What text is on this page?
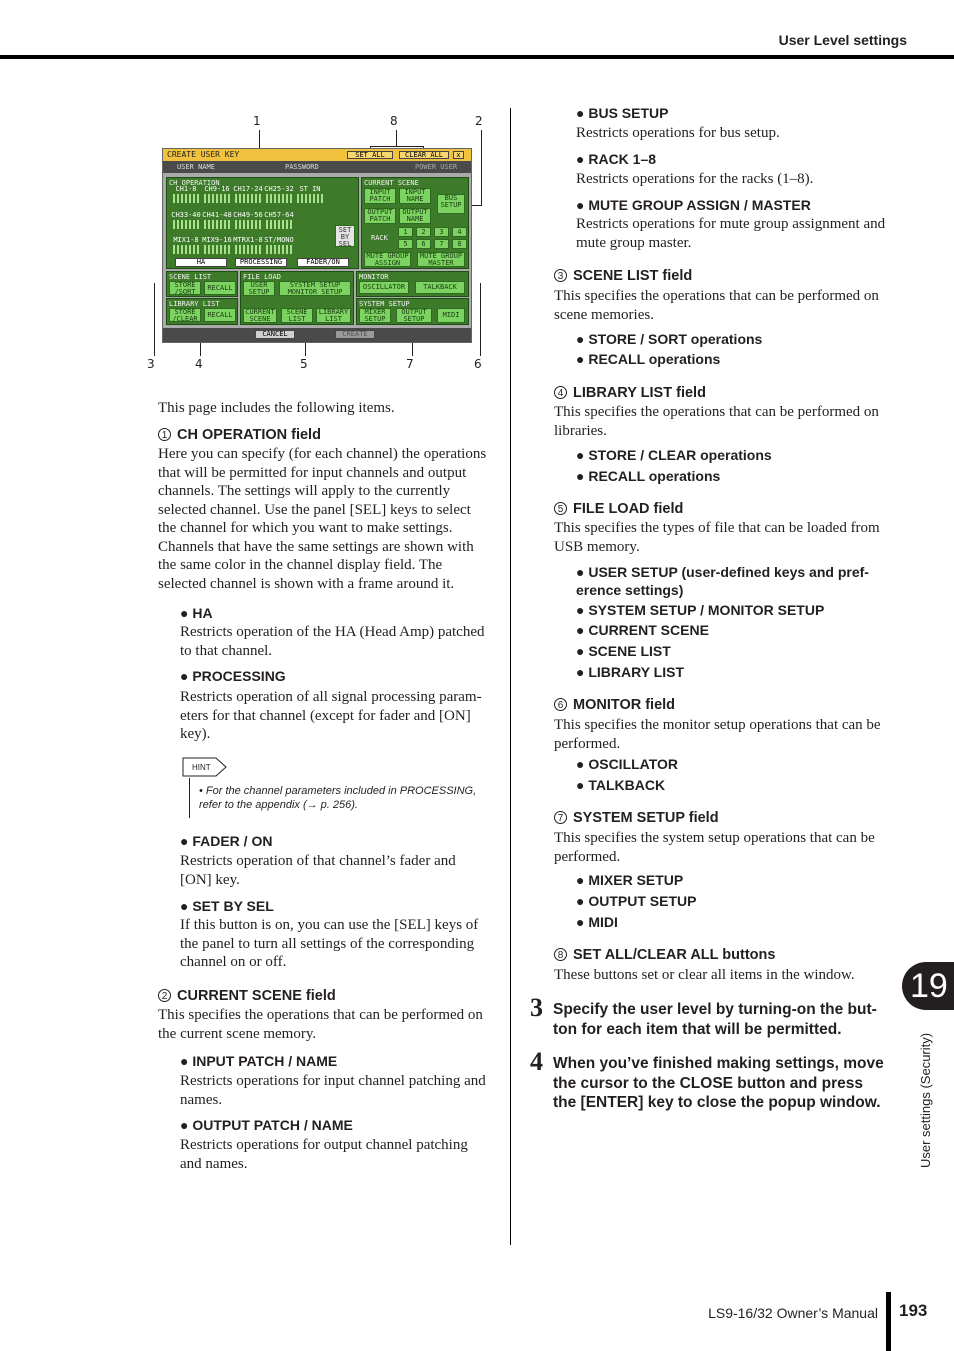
User Level settings
19
User settings (Security)
LS9-16/32 Owner’s Manual 193
1	8	2
3	4	5	7	6
CREATE USER KEY	SET ALL	CLEAR ALL	x
USER NAME	PASSWORD	POWER USER
CH OPERATION
SET
BY
SEL
HA	PROCESSING	FADER/ON
CURRENT SCENE
INPUT
PATCH
INPUT
NAME	BUS
SETUP
OUTPUT
PATCH
OUTPUT
NAME
RACK
MUTE GROUP
ASSIGN
MUTE GROUP
MASTER
SCENE LIST
STORE
/SORT	RECALL
LIBRARY LIST
STORE
/CLEAR	RECALL
FILE LOAD
USER
SETUP
SYSTEM SETUP
MONITOR SETUP
CURRENT
SCENE
SCENE
LIST
LIBRARY
LIST
MONITOR
OSCILLATOR	TALKBACK
SYSTEM SETUP
MIXER
SETUP
OUTPUT
SETUP	MIDI
CANCEL	CREATE
CH1-8	CH9-16 CH17-24 CH25-32 ST IN
CH33-40 CH41-48 CH49-56 CH57-64
MIX1-8 MIX9-16 MTRX1-8 ST/MONO
1	2	3	4
5	6	7	8
This page includes the following items.
1 CH OPERATION field
Here you can specify (for each channel) the operations that will be permitted for input channels and output channels. The settings will apply to the currently selected channel. Use the panel [SEL] keys to select the channel for which you want to make settings. Channels that have the same settings are shown with the same color in the channel display field. The selected channel is shown with a frame around it.
● HA
Restricts operation of the HA (Head Amp) patched to that channel.
● PROCESSING
Restricts operation of all signal processing param-eters for that channel (except for fader and [ON] key).
HINT
• For the channel parameters included in PROCESSING, refer to the appendix (→ p. 256).
● FADER / ON
Restricts operation of that channel’s fader and [ON] key.
● SET BY SEL
If this button is on, you can use the [SEL] keys of the panel to turn all settings of the corresponding channel on or off.
2 CURRENT SCENE field
This specifies the operations that can be performed on the current scene memory.
● INPUT PATCH / NAME
Restricts operations for input channel patching and names.
● OUTPUT PATCH / NAME
Restricts operations for output channel patching and names.
● BUS SETUP
Restricts operations for bus setup.
● RACK 1–8
Restricts operations for the racks (1–8).
● MUTE GROUP ASSIGN / MASTER
Restricts operations for mute group assignment and mute group master.
3 SCENE LIST field
This specifies the operations that can be performed on scene memories.
● STORE / SORT operations
● RECALL operations
4 LIBRARY LIST field
This specifies the operations that can be performed on libraries.
● STORE / CLEAR operations
● RECALL operations
5 FILE LOAD field
This specifies the types of file that can be loaded from USB memory.
● USER SETUP (user-defined keys and pref-erence settings)
● SYSTEM SETUP / MONITOR SETUP
● CURRENT SCENE
● SCENE LIST
● LIBRARY LIST
6 MONITOR field
This specifies the monitor setup operations that can be performed.
● OSCILLATOR
● TALKBACK
7 SYSTEM SETUP field
This specifies the system setup operations that can be performed.
● MIXER SETUP
● OUTPUT SETUP
● MIDI
8 SET ALL/CLEAR ALL buttons
These buttons set or clear all items in the window.
3 Specify the user level by turning-on the but-ton for each item that will be permitted.
4 When you’ve finished making settings, move the cursor to the CLOSE button and press the [ENTER] key to close the popup window.
